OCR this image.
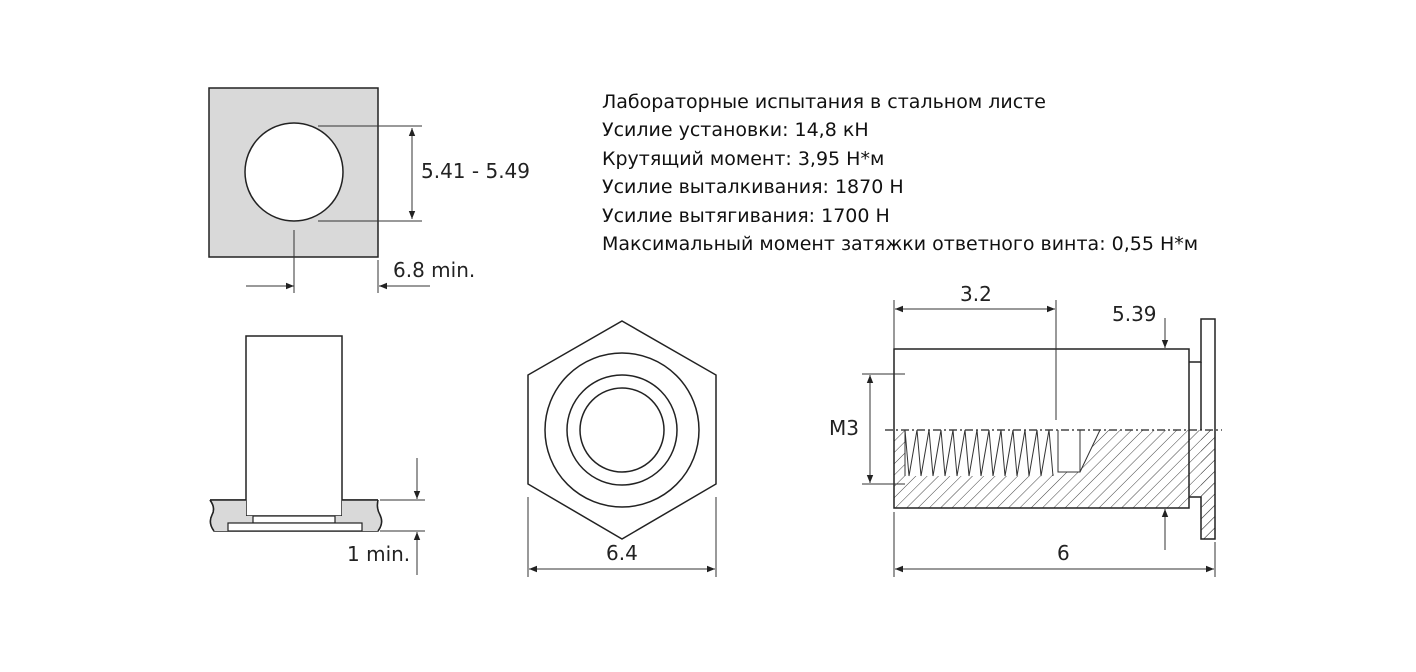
5.41 - 5.49
6.8 min.
1 min.	6.4
3.2
5.39
M3
6
Лабораторные испытания в стальном листе
Усилие установки: 14,8 кН
Крутящий момент: 3,95 Н*м
Усилие выталкивания: 1870 Н
Усилие вытягивания: 1700 Н
Максимальный момент затяжки ответного винта: 0,55 Н*м
